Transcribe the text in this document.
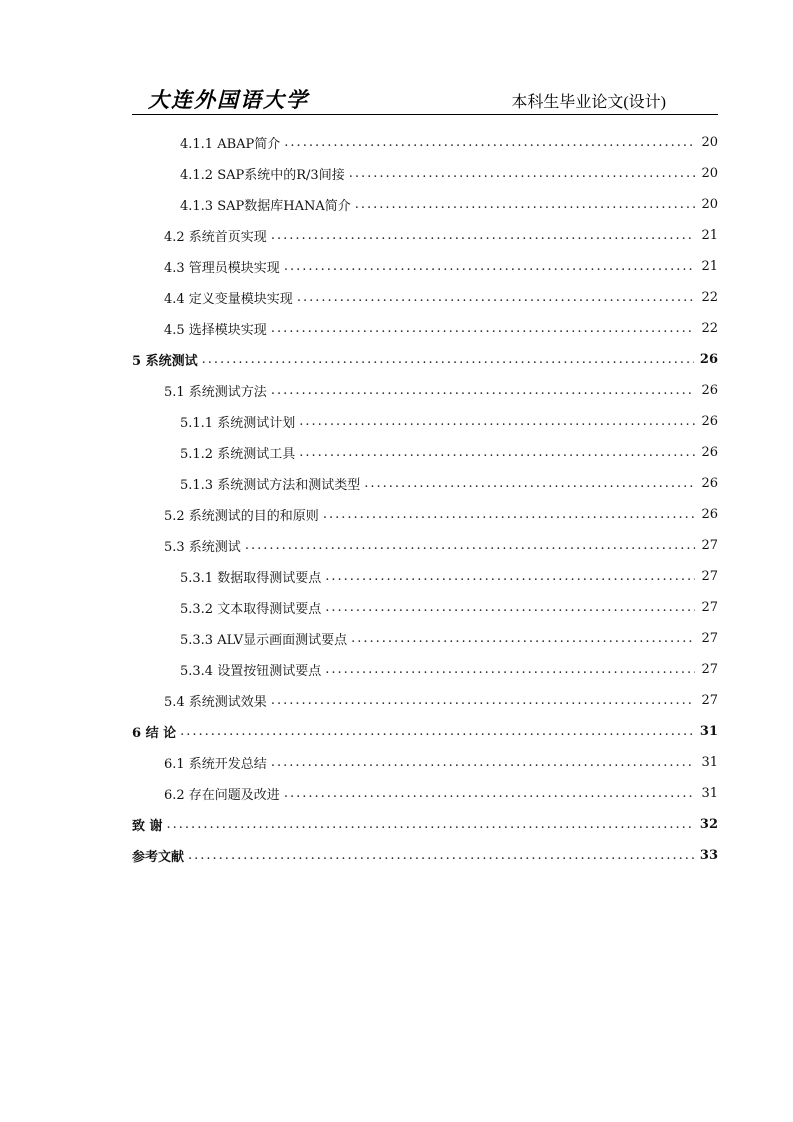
大连外国语大学	本科生毕业论文(设计)
4.1.1 ABAP简介 .....	20
4.1.2 SAP系统中的R/3间接 .....	20
4.1.3 SAP数据库HANA简介 .....	20
4.2 系统首页实现 .....	21
4.3 管理员模块实现 .....	21
4.4 定义变量模块实现 .....	22
4.5 选择模块实现 .....	22
5 系统测试 .....	26
5.1 系统测试方法 .....	26
5.1.1 系统测试计划 .....	26
5.1.2 系统测试工具 .....	26
5.1.3 系统测试方法和测试类型 .....	26
5.2 系统测试的目的和原则 .....	26
5.3 系统测试 .....	27
5.3.1 数据取得测试要点 .....	27
5.3.2 文本取得测试要点 .....	27
5.3.3 ALV显示画面测试要点 .....	27
5.3.4 设置按钮测试要点 .....	27
5.4 系统测试效果 .....	27
6 结 论 .....	31
6.1 系统开发总结 .....	31
6.2 存在问题及改进 .....	31
致 谢 .....	32
参考文献 .....	33
